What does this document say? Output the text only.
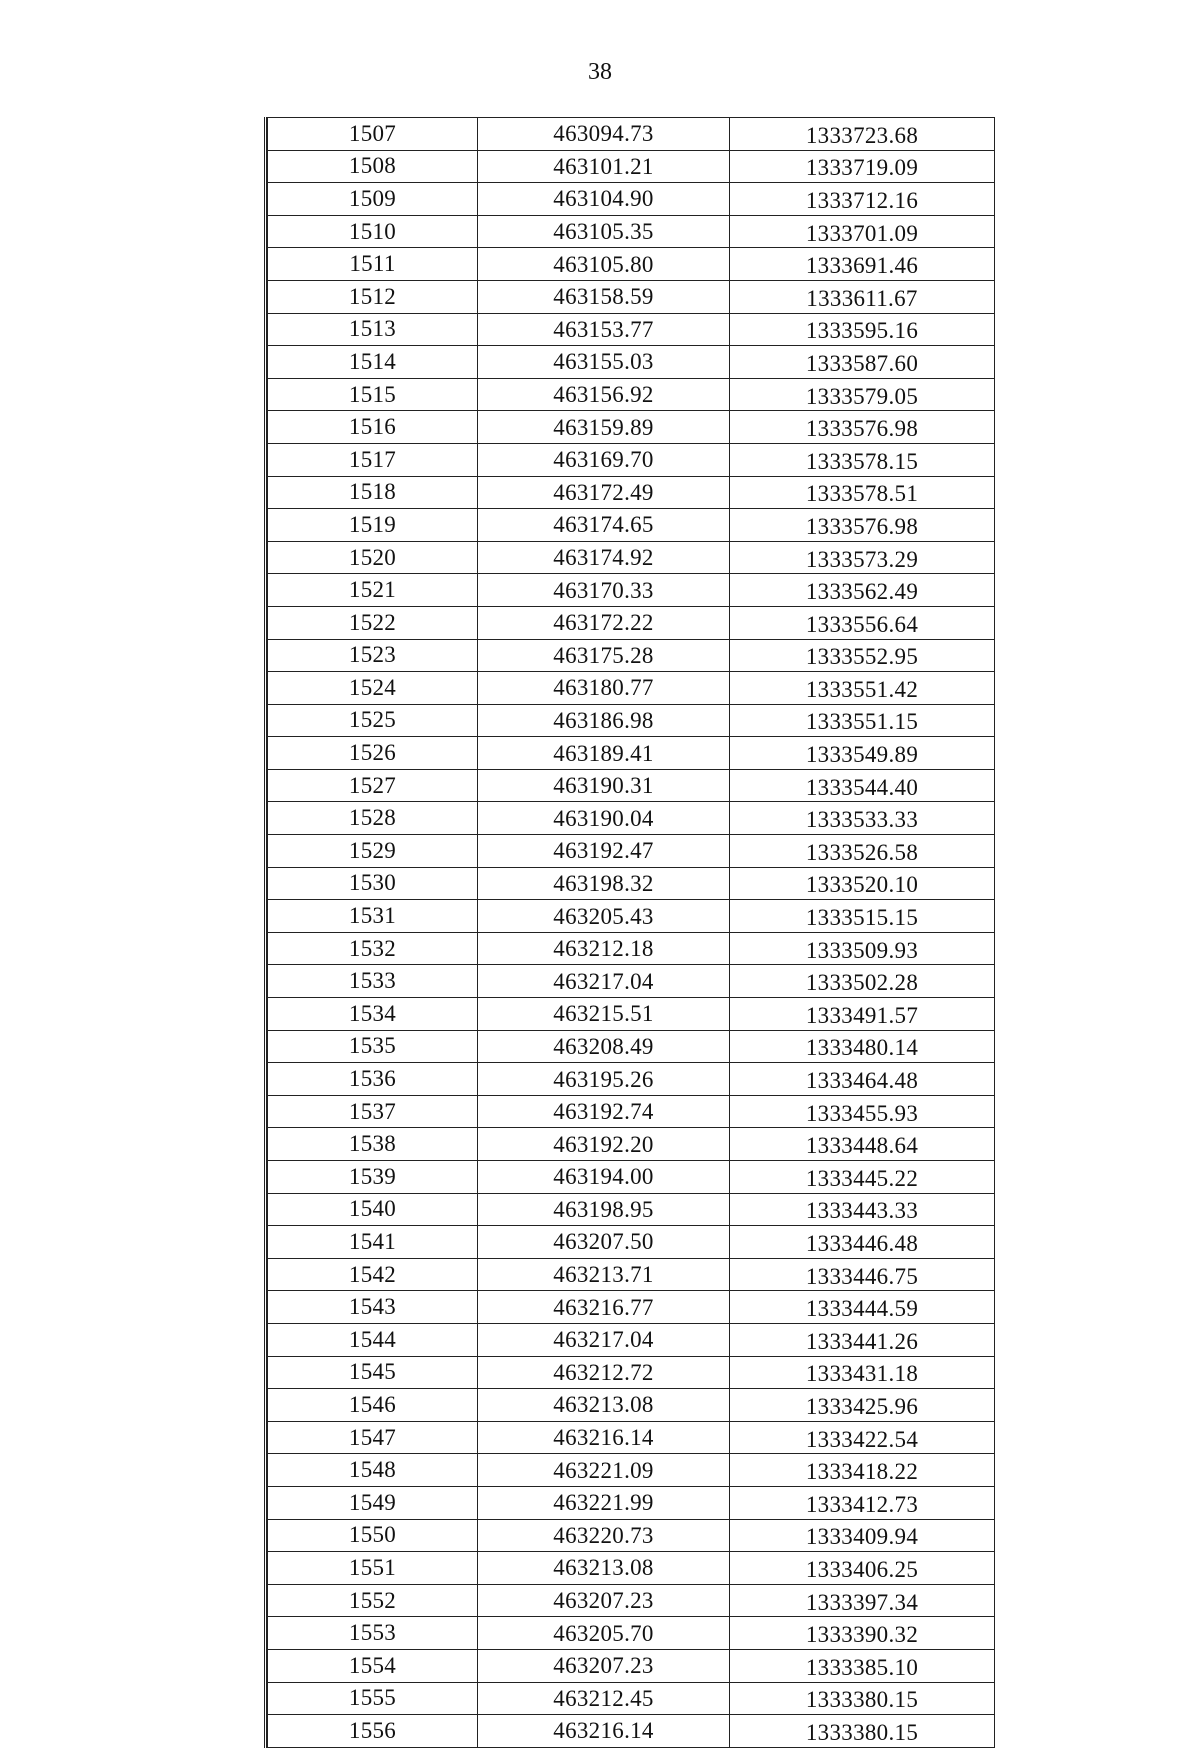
38
1507	463094.73	1333723.68
1508	463101.21	1333719.09
1509	463104.90	1333712.16
1510	463105.35	1333701.09
1511	463105.80	1333691.46
1512	463158.59	1333611.67
1513	463153.77	1333595.16
1514	463155.03	1333587.60
1515	463156.92	1333579.05
1516	463159.89	1333576.98
1517	463169.70	1333578.15
1518	463172.49	1333578.51
1519	463174.65	1333576.98
1520	463174.92	1333573.29
1521	463170.33	1333562.49
1522	463172.22	1333556.64
1523	463175.28	1333552.95
1524	463180.77	1333551.42
1525	463186.98	1333551.15
1526	463189.41	1333549.89
1527	463190.31	1333544.40
1528	463190.04	1333533.33
1529	463192.47	1333526.58
1530	463198.32	1333520.10
1531	463205.43	1333515.15
1532	463212.18	1333509.93
1533	463217.04	1333502.28
1534	463215.51	1333491.57
1535	463208.49	1333480.14
1536	463195.26	1333464.48
1537	463192.74	1333455.93
1538	463192.20	1333448.64
1539	463194.00	1333445.22
1540	463198.95	1333443.33
1541	463207.50	1333446.48
1542	463213.71	1333446.75
1543	463216.77	1333444.59
1544	463217.04	1333441.26
1545	463212.72	1333431.18
1546	463213.08	1333425.96
1547	463216.14	1333422.54
1548	463221.09	1333418.22
1549	463221.99	1333412.73
1550	463220.73	1333409.94
1551	463213.08	1333406.25
1552	463207.23	1333397.34
1553	463205.70	1333390.32
1554	463207.23	1333385.10
1555	463212.45	1333380.15
1556	463216.14	1333380.15
